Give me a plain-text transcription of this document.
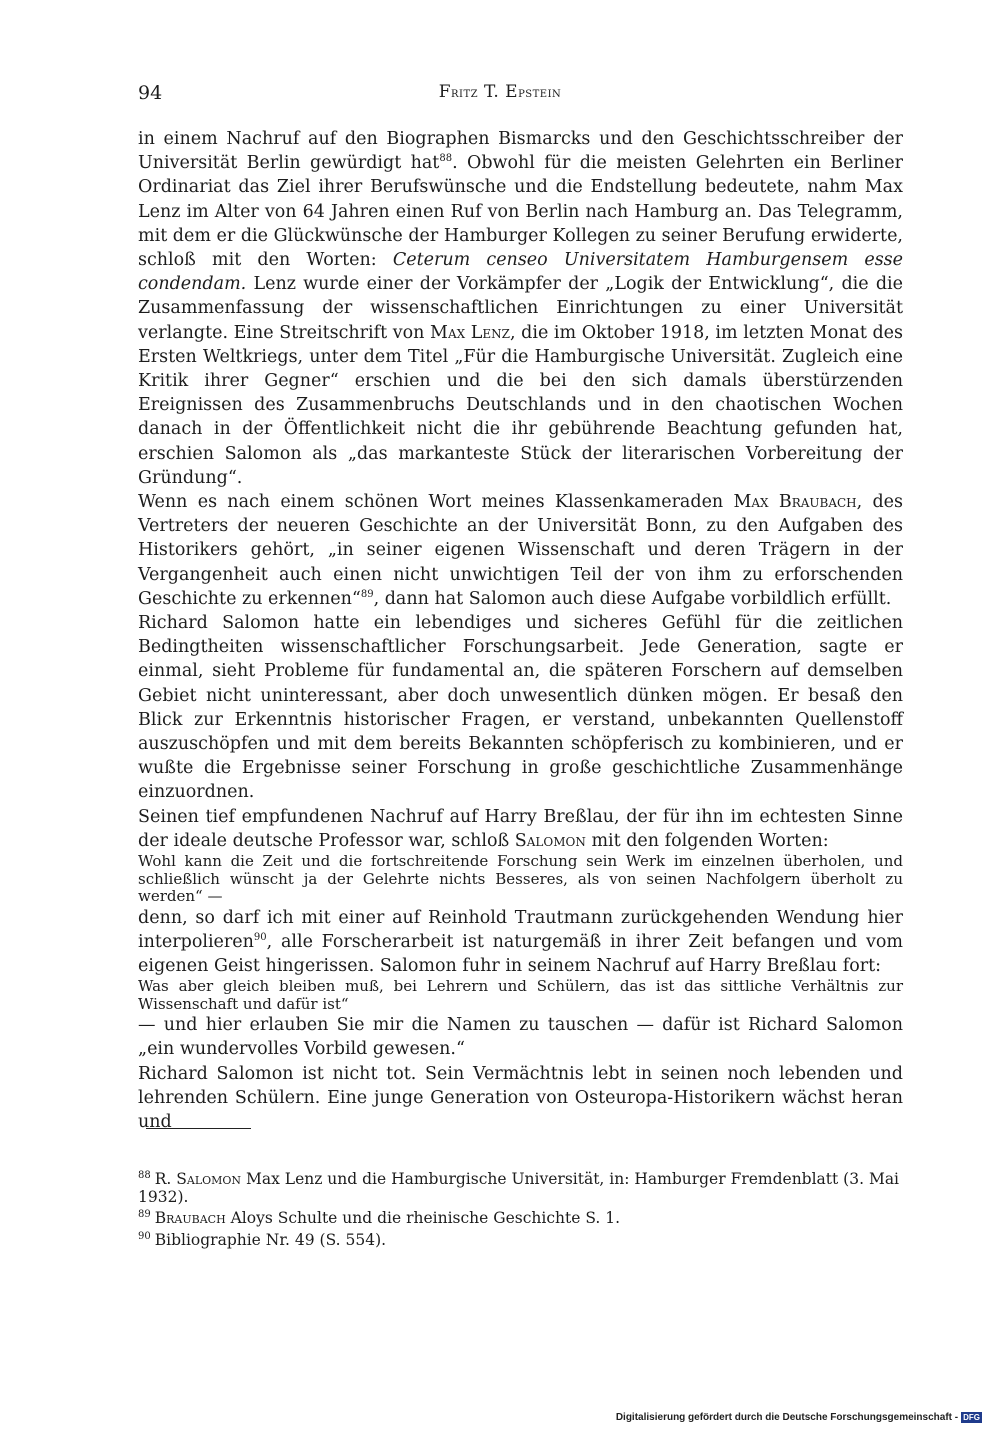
94	Fritz T. Epstein

in einem Nachruf auf den Biographen Bismarcks und den Geschichtsschreiber der Universität Berlin gewürdigt hat$^{88}$. Obwohl für die meisten Gelehrten ein Berliner Ordinariat das Ziel ihrer Berufswünsche und die Endstellung bedeutete, nahm Max Lenz im Alter von 64 Jahren einen Ruf von Berlin nach Hamburg an. Das Telegramm, mit dem er die Glückwünsche der Hamburger Kollegen zu seiner Berufung erwiderte, schloß mit den Worten: Ceterum censeo Universitatem Hamburgensem esse condendam. Lenz wurde einer der Vorkämpfer der „Logik der Entwicklung“, die die Zusammenfassung der wissenschaftlichen Einrichtungen zu einer Universität verlangte. Eine Streitschrift von Max Lenz, die im Oktober 1918, im letzten Monat des Ersten Weltkriegs, unter dem Titel „Für die Hamburgische Universität. Zugleich eine Kritik ihrer Gegner“ erschien und die bei den sich damals überstürzenden Ereignissen des Zusammenbruchs Deutschlands und in den chaotischen Wochen danach in der Öffentlichkeit nicht die ihr gebührende Beachtung gefunden hat, erschien Salomon als „das markanteste Stück der literarischen Vorbereitung der Gründung“.

Wenn es nach einem schönen Wort meines Klassenkameraden Max Braubach, des Vertreters der neueren Geschichte an der Universität Bonn, zu den Aufgaben des Historikers gehört, „in seiner eigenen Wissenschaft und deren Trägern in der Vergangenheit auch einen nicht unwichtigen Teil der von ihm zu erforschenden Geschichte zu erkennen“$^{89}$, dann hat Salomon auch diese Aufgabe vorbildlich erfüllt.

Richard Salomon hatte ein lebendiges und sicheres Gefühl für die zeitlichen Bedingtheiten wissenschaftlicher Forschungsarbeit. Jede Generation, sagte er einmal, sieht Probleme für fundamental an, die späteren Forschern auf demselben Gebiet nicht uninteressant, aber doch unwesentlich dünken mögen. Er besaß den Blick zur Erkenntnis historischer Fragen, er verstand, unbekannten Quellenstoff auszuschöpfen und mit dem bereits Bekannten schöpferisch zu kombinieren, und er wußte die Ergebnisse seiner Forschung in große geschichtliche Zusammenhänge einzuordnen.

Seinen tief empfundenen Nachruf auf Harry Breßlau, der für ihn im echtesten Sinne der ideale deutsche Professor war, schloß Salomon mit den folgenden Worten:

Wohl kann die Zeit und die fortschreitende Forschung sein Werk im einzelnen überholen, und schließlich wünscht ja der Gelehrte nichts Besseres, als von seinen Nachfolgern überholt zu werden“ —

denn, so darf ich mit einer auf Reinhold Trautmann zurückgehenden Wendung hier interpolieren$^{90}$, alle Forscherarbeit ist naturgemäß in ihrer Zeit befangen und vom eigenen Geist hingerissen. Salomon fuhr in seinem Nachruf auf Harry Breßlau fort:

Was aber gleich bleiben muß, bei Lehrern und Schülern, das ist das sittliche Verhältnis zur Wissenschaft und dafür ist“

— und hier erlauben Sie mir die Namen zu tauschen — dafür ist Richard Salomon „ein wundervolles Vorbild gewesen.“

Richard Salomon ist nicht tot. Sein Vermächtnis lebt in seinen noch lebenden und lehrenden Schülern. Eine junge Generation von Osteuropa-Historikern wächst heran und

$^{88}$ R. Salomon Max Lenz und die Hamburgische Universität, in: Hamburger Fremdenblatt (3. Mai 1932).

$^{89}$ Braubach Aloys Schulte und die rheinische Geschichte S. 1.

$^{90}$ Bibliographie Nr. 49 (S. 554).

Digitalisierung gefördert durch die Deutsche Forschungsgemeinschaft - DFG
